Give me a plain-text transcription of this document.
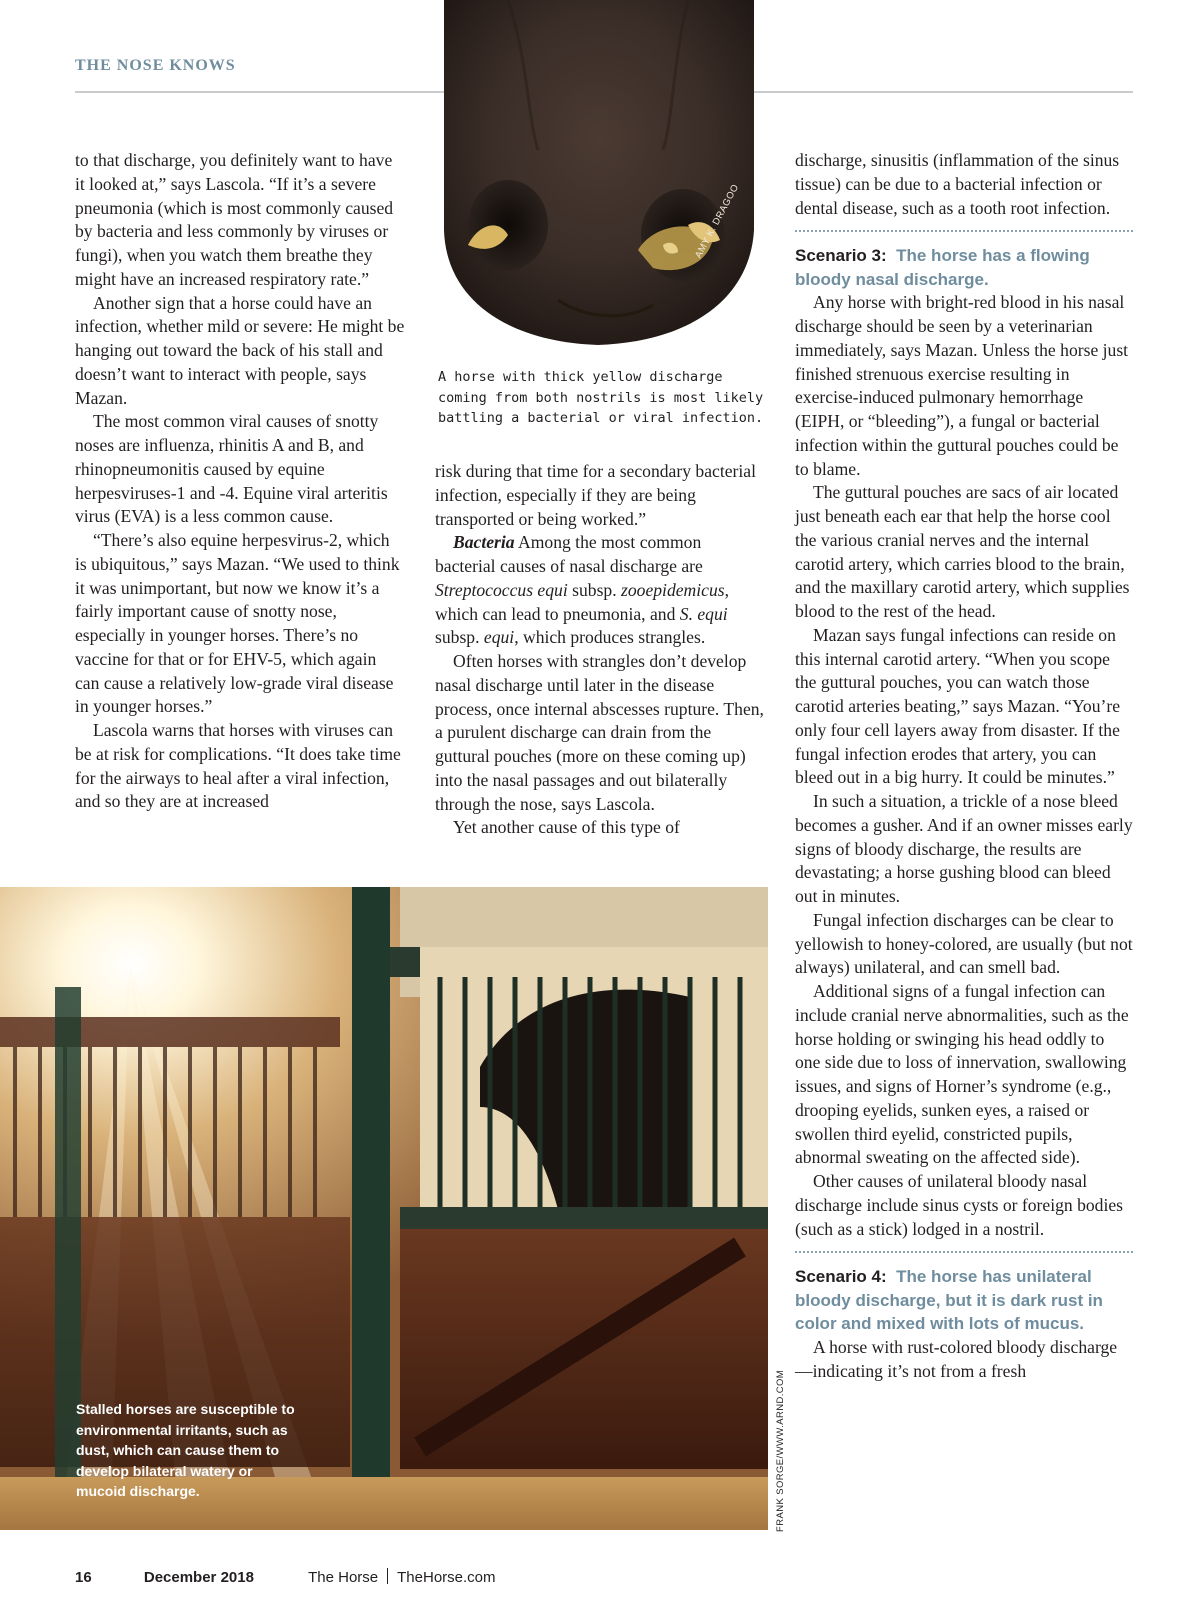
THE NOSE KNOWS
AMY K. DRAGOO
A horse with thick yellow discharge coming from both nostrils is most likely battling a bacterial or viral infection.

to that discharge, you definitely want to have it looked at,” says Lascola. “If it’s a severe pneumonia (which is most commonly caused by bacteria and less commonly by viruses or fungi), when you watch them breathe they might have an increased respiratory rate.”

Another sign that a horse could have an infection, whether mild or severe: He might be hanging out toward the back of his stall and doesn’t want to interact with people, says Mazan.

The most common viral causes of snotty noses are influenza, rhinitis A and B, and rhinopneumonitis caused by equine herpesviruses-1 and -4. Equine viral arteritis virus (EVA) is a less common cause.

“There’s also equine herpesvirus-2, which is ubiquitous,” says Mazan. “We used to think it was unimportant, but now we know it’s a fairly important cause of snotty nose, especially in younger horses. There’s no vaccine for that or for EHV-5, which again can cause a relatively low-grade viral disease in younger horses.”

Lascola warns that horses with viruses can be at risk for complications. “It does take time for the airways to heal after a viral infection, and so they are at increased

risk during that time for a secondary bacterial infection, especially if they are being transported or being worked.”

Bacteria Among the most common bacterial causes of nasal discharge are Streptococcus equi subsp. zooepidemicus, which can lead to pneumonia, and S. equi subsp. equi, which produces strangles.

Often horses with strangles don’t develop nasal discharge until later in the disease process, once internal abscesses rupture. Then, a purulent discharge can drain from the guttural pouches (more on these coming up) into the nasal passages and out bilaterally through the nose, says Lascola.

Yet another cause of this type of

discharge, sinusitis (inflammation of the sinus tissue) can be due to a bacterial infection or dental disease, such as a tooth root infection.

Scenario 3: The horse has a flowing bloody nasal discharge.

Any horse with bright-red blood in his nasal discharge should be seen by a veterinarian immediately, says Mazan. Unless the horse just finished strenuous exercise resulting in exercise-induced pulmonary hemorrhage (EIPH, or “bleeding”), a fungal or bacterial infection within the guttural pouches could be to blame.

The guttural pouches are sacs of air located just beneath each ear that help the horse cool the various cranial nerves and the internal carotid artery, which carries blood to the brain, and the maxillary carotid artery, which supplies blood to the rest of the head.

Mazan says fungal infections can reside on this internal carotid artery. “When you scope the guttural pouches, you can watch those carotid arteries beating,” says Mazan. “You’re only four cell layers away from disaster. If the fungal infection erodes that artery, you can bleed out in a big hurry. It could be minutes.”

In such a situation, a trickle of a nose bleed becomes a gusher. And if an owner misses early signs of bloody discharge, the results are devastating; a horse gushing blood can bleed out in minutes.

Fungal infection discharges can be clear to yellowish to honey-colored, are usually (but not always) unilateral, and can smell bad.

Additional signs of a fungal infection can include cranial nerve abnormalities, such as the horse holding or swinging his head oddly to one side due to loss of innervation, swallowing issues, and signs of Horner’s syndrome (e.g., drooping eyelids, sunken eyes, a raised or swollen third eyelid, constricted pupils, abnormal sweating on the affected side).

Other causes of unilateral bloody nasal discharge include sinus cysts or foreign bodies (such as a stick) lodged in a nostril.

Scenario 4: The horse has unilateral bloody discharge, but it is dark rust in color and mixed with lots of mucus.

A horse with rust-colored bloody discharge—indicating it’s not from a fresh

Stalled horses are susceptible to environmental irritants, such as dust, which can cause them to develop bilateral watery or mucoid discharge.	FRANK SORGE/WWW.ARND.COM
16	December 2018	The Horse TheHorse.com
